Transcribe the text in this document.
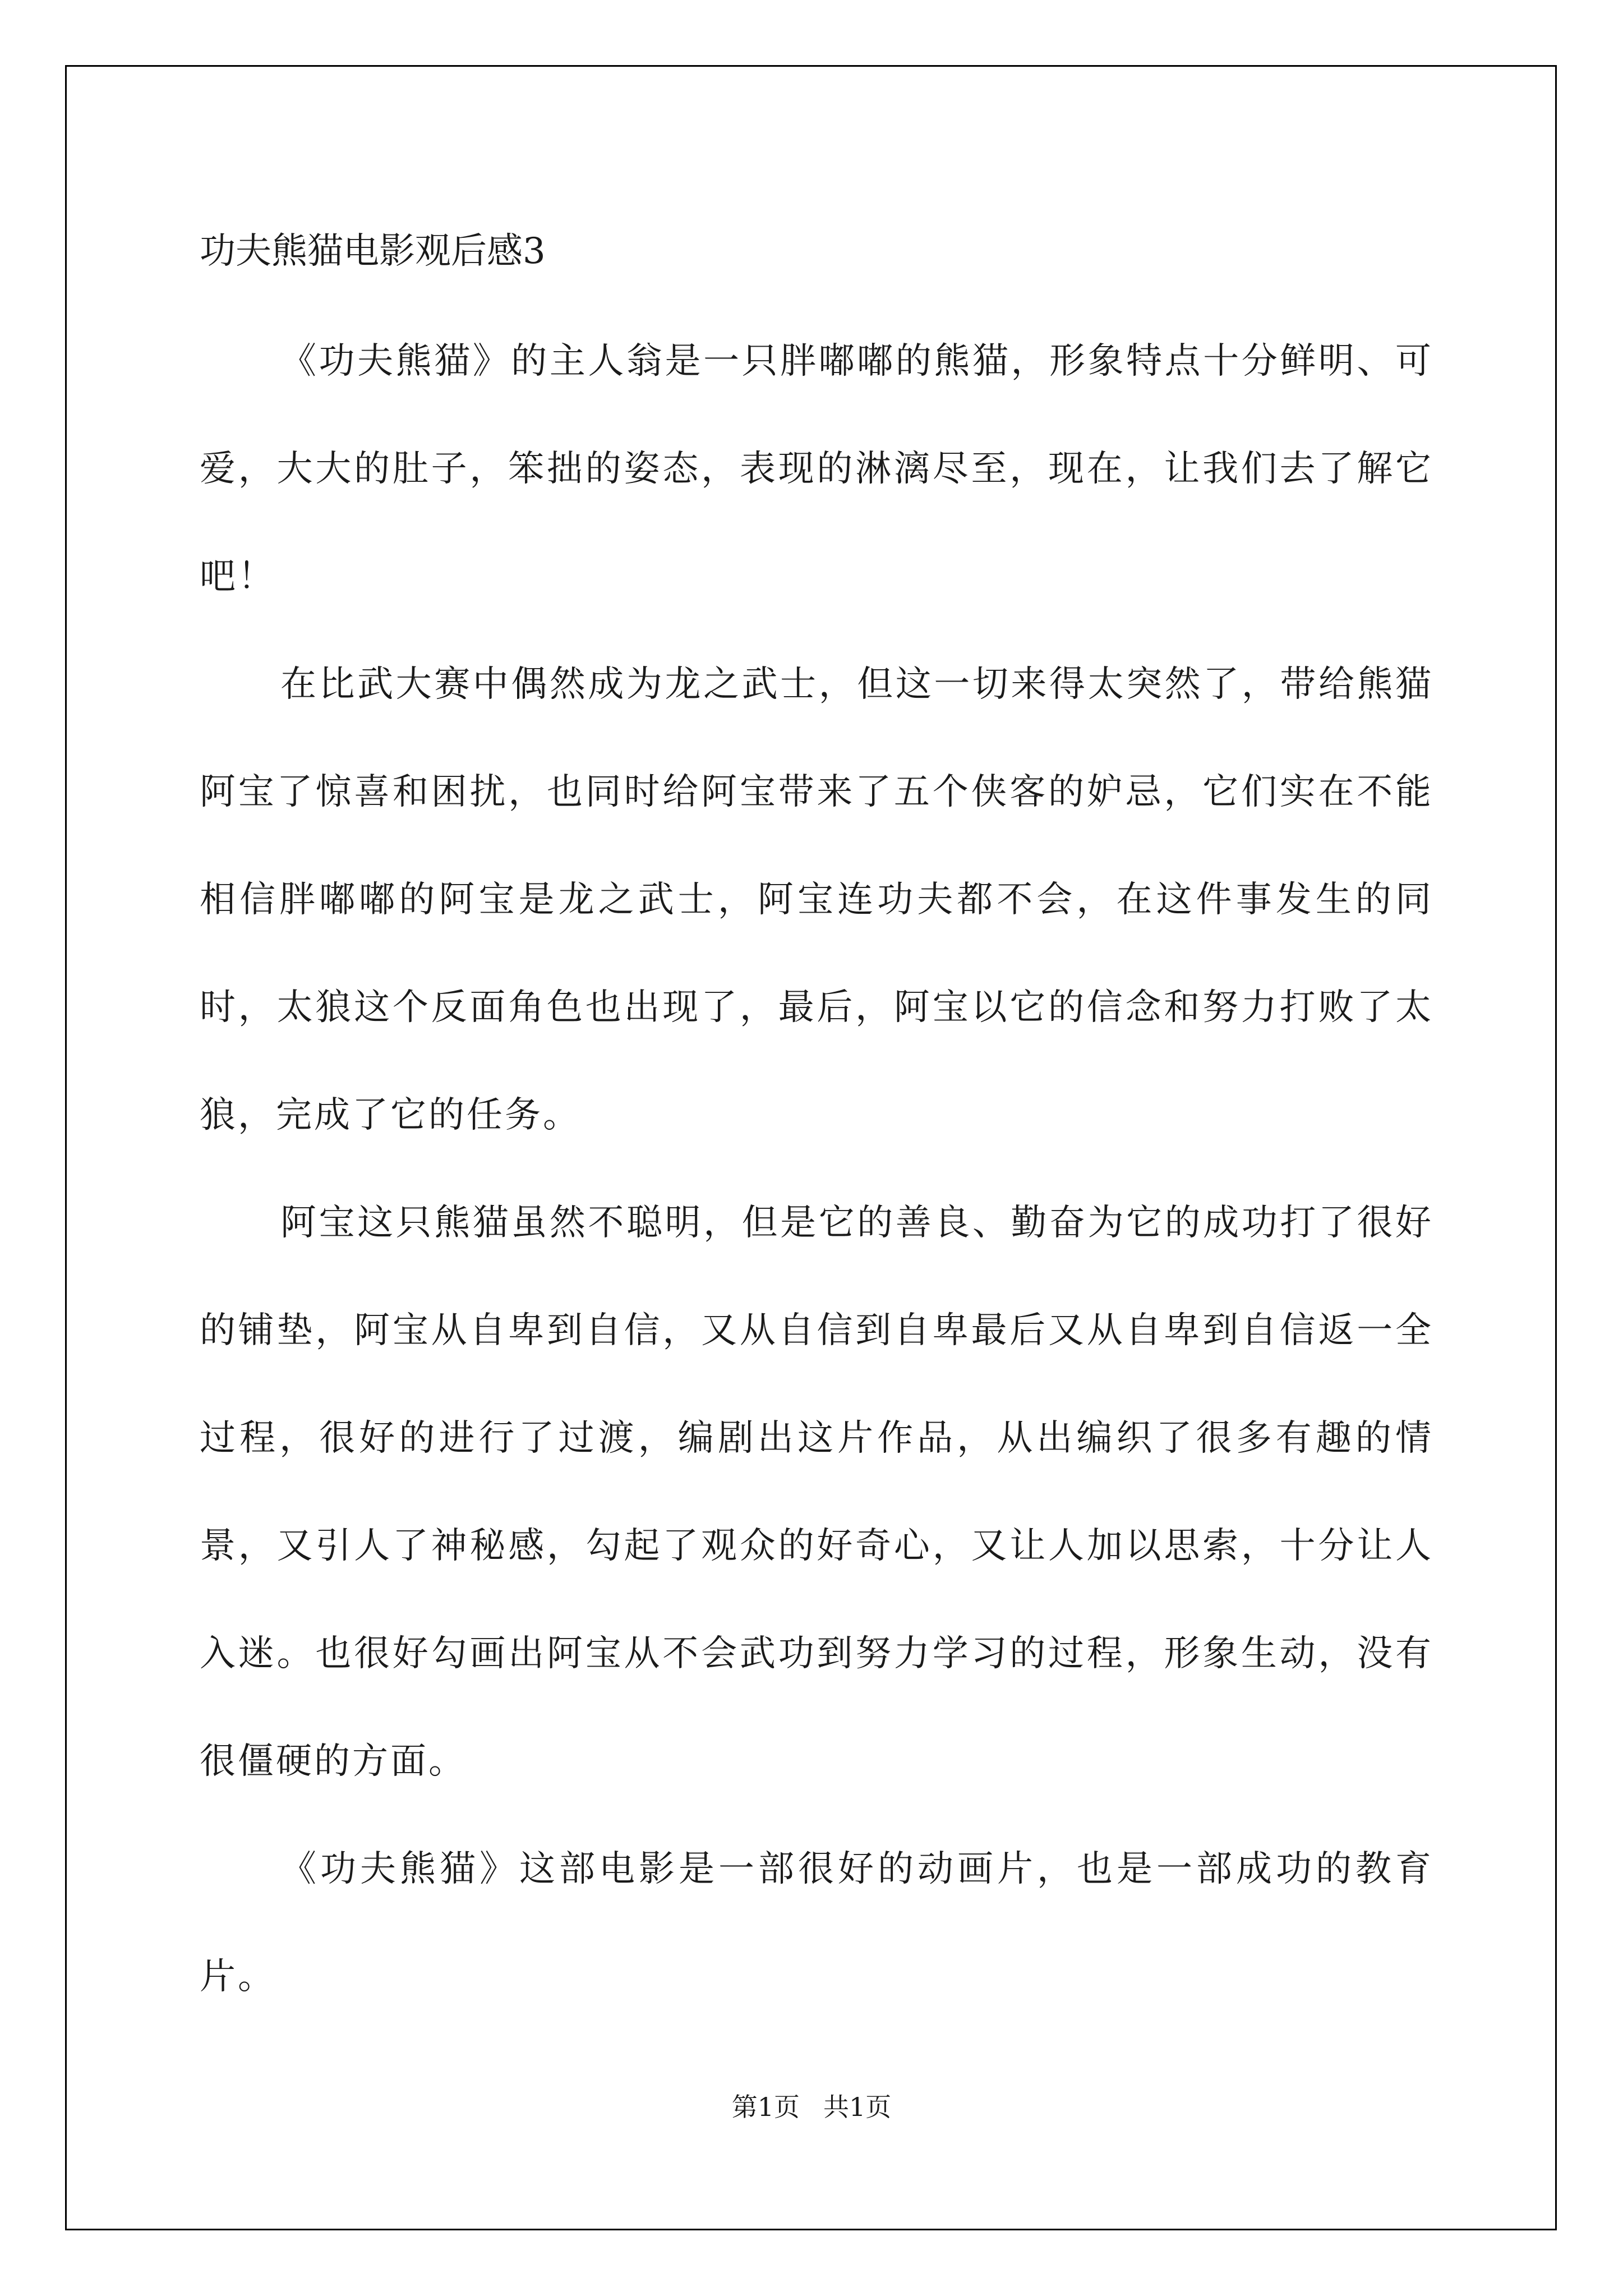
功夫熊猫电影观后感3

《功夫熊猫》的主人翁是一只胖嘟嘟的熊猫，形象特点十分鲜明、可爱，大大的肚子，笨拙的姿态，表现的淋漓尽至，现在，让我们去了解它吧！

在比武大赛中偶然成为龙之武士，但这一切来得太突然了，带给熊猫阿宝了惊喜和困扰，也同时给阿宝带来了五个侠客的妒忌，它们实在不能相信胖嘟嘟的阿宝是龙之武士，阿宝连功夫都不会，在这件事发生的同时，太狼这个反面角色也出现了，最后，阿宝以它的信念和努力打败了太狼，完成了它的任务。

阿宝这只熊猫虽然不聪明，但是它的善良、勤奋为它的成功打了很好的铺垫，阿宝从自卑到自信，又从自信到自卑最后又从自卑到自信返一全过程，很好的进行了过渡，编剧出这片作品，从出编织了很多有趣的情景，又引人了神秘感，勾起了观众的好奇心，又让人加以思索，十分让人入迷。也很好勾画出阿宝从不会武功到努力学习的过程，形象生动，没有很僵硬的方面。

《功夫熊猫》这部电影是一部很好的动画片，也是一部成功的教育片。

第1页 共1页
